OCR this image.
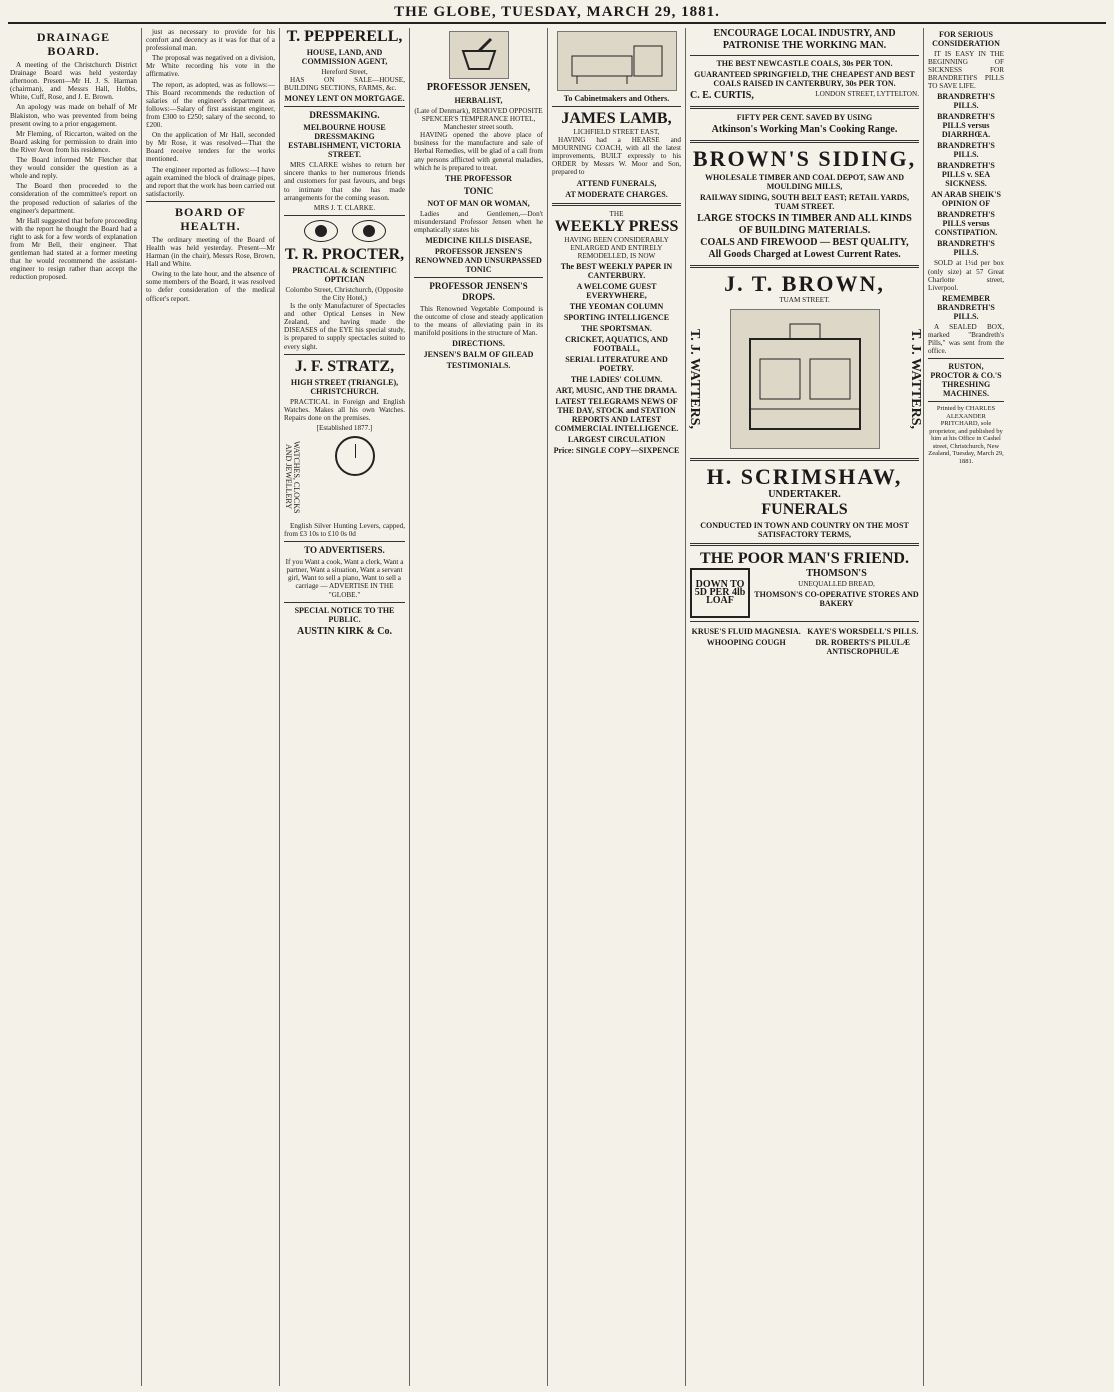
THE GLOBE, TUESDAY, MARCH 29, 1881.
DRAINAGE BOARD.

A meeting of the Christchurch District Drainage Board was held yesterday afternoon. Present—Mr H. J. S. Harman (chairman), and Messrs Hall, Hobbs, White, Cuff, Rose, and J. E. Brown.

An apology was made on behalf of Mr Blakiston, who was prevented from being present owing to a prior engagement.

Mr Fleming, of Riccarton, waited on the Board asking for permission to drain into the River Avon from his residence.

The Board informed Mr Fletcher that they would consider the question as a whole and reply.

The Board then proceeded to the consideration of the committee's report on the proposed reduction of salaries of the engineer's department.

Mr Hall suggested that before proceeding with the report he thought the Board had a right to ask for a few words of explanation from Mr Bell, their engineer. That gentleman had stated at a former meeting that he would recommend the assistant-engineer to resign rather than accept the reduction proposed.

just as necessary to provide for his comfort and decency as it was for that of a professional man.

The proposal was negatived on a division, Mr White recording his vote in the affirmative.

The report, as adopted, was as follows:—This Board recommends the reduction of salaries of the engineer's department as follows:—Salary of first assistant engineer, from £300 to £250; salary of the second, to £200.

On the application of Mr Hall, seconded by Mr Rose, it was resolved—That the Board receive tenders for the works mentioned.

The engineer reported as follows:—I have again examined the block of drainage pipes, and report that the work has been carried out satisfactorily.

BOARD OF HEALTH.

The ordinary meeting of the Board of Health was held yesterday. Present—Mr Harman (in the chair), Messrs Rose, Brown, Hall and White.

Owing to the late hour, and the absence of some members of the Board, it was resolved to defer consideration of the medical officer's report.

T. PEPPERELL,
HOUSE, LAND, AND COMMISSION AGENT,
Hereford Street,

HAS ON SALE—HOUSE, BUILDING SECTIONS, FARMS, &c.

MONEY LENT ON MORTGAGE.
DRESSMAKING.
MELBOURNE HOUSE DRESSMAKING ESTABLISHMENT, VICTORIA STREET.

MRS CLARKE wishes to return her sincere thanks to her numerous friends and customers for past favours, and begs to intimate that she has made arrangements for the coming season.

MRS J. T. CLARKE.
T. R. PROCTER,
PRACTICAL & SCIENTIFIC OPTICIAN
Colombo Street, Christchurch, (Opposite the City Hotel,)

Is the only Manufacturer of Spectacles and other Optical Lenses in New Zealand, and having made the DISEASES of the EYE his special study, is prepared to supply spectacles suited to every sight.

J. F. STRATZ,
HIGH STREET (TRIANGLE), CHRISTCHURCH.

PRACTICAL in Foreign and English Watches. Makes all his own Watches. Repairs done on the premises.

[Established 1877.]
WATCHES, CLOCKS AND JEWELLERY

English Silver Hunting Levers, capped, from £3 10s to £10 0s 0d

TO ADVERTISERS.

If you Want a cook, Want a clerk, Want a partner, Want a situation, Want a servant girl, Want to sell a piano, Want to sell a carriage — ADVERTISE IN THE "GLOBE."

SPECIAL NOTICE TO THE PUBLIC.
AUSTIN KIRK & Co.
PROFESSOR JENSEN,
HERBALIST,
(Late of Denmark), REMOVED OPPOSITE SPENCER'S TEMPERANCE HOTEL, Manchester street south.

HAVING opened the above place of business for the manufacture and sale of Herbal Remedies, will be glad of a call from any persons afflicted with general maladies, which he is prepared to treat.

THE PROFESSOR
TONIC
NOT OF MAN OR WOMAN,

Ladies and Gentlemen,—Don't misunderstand Professor Jensen when he emphatically states his

MEDICINE KILLS DISEASE,
PROFESSOR JENSEN'S RENOWNED AND UNSURPASSED TONIC
PROFESSOR JENSEN'S DROPS.

This Renowned Vegetable Compound is the outcome of close and steady application to the means of alleviating pain in its manifold positions in the structure of Man.

DIRECTIONS.
JENSEN'S BALM OF GILEAD
TESTIMONIALS.
To Cabinetmakers and Others.
JAMES LAMB,
LICHFIELD STREET EAST,

HAVING had a HEARSE and MOURNING COACH, with all the latest improvements, BUILT expressly to his ORDER by Messrs W. Moor and Son, prepared to

ATTEND FUNERALS,
AT MODERATE CHARGES.
THE
WEEKLY PRESS
HAVING BEEN CONSIDERABLY ENLARGED AND ENTIRELY REMODELLED, IS NOW
The BEST WEEKLY PAPER IN CANTERBURY.
A WELCOME GUEST EVERYWHERE,
THE YEOMAN COLUMN
SPORTING INTELLIGENCE
THE SPORTSMAN.
CRICKET, AQUATICS, AND FOOTBALL,
SERIAL LITERATURE AND POETRY.
THE LADIES' COLUMN.
ART, MUSIC, AND THE DRAMA.
LATEST TELEGRAMS NEWS OF THE DAY, STOCK and STATION REPORTS AND LATEST COMMERCIAL INTELLIGENCE.
LARGEST CIRCULATION
Price: SINGLE COPY—SIXPENCE
ENCOURAGE LOCAL INDUSTRY, AND PATRONISE THE WORKING MAN.
THE BEST NEWCASTLE COALS, 30s PER TON.
GUARANTEED SPRINGFIELD, THE CHEAPEST AND BEST COALS RAISED IN CANTERBURY, 30s PER TON.
C. E. CURTIS,	LONDON STREET, LYTTELTON.
FIFTY PER CENT. SAVED BY USING
Atkinson's Working Man's Cooking Range.
BROWN'S SIDING,
WHOLESALE TIMBER AND COAL DEPOT, SAW AND MOULDING MILLS,
RAILWAY SIDING, SOUTH BELT EAST; RETAIL YARDS, TUAM STREET.
LARGE STOCKS IN TIMBER AND ALL KINDS OF BUILDING MATERIALS.
COALS AND FIREWOOD — BEST QUALITY,
All Goods Charged at Lowest Current Rates.
J. T. BROWN,
TUAM STREET.
T. J. WATTERS,	T. J. WATTERS,
H. SCRIMSHAW,
UNDERTAKER.
FUNERALS
CONDUCTED IN TOWN AND COUNTRY ON THE MOST SATISFACTORY TERMS,
THE POOR MAN'S FRIEND.
DOWN TO 5D PER 4lb LOAF
THOMSON'S
UNEQUALLED BREAD,
THOMSON'S CO-OPERATIVE STORES AND BAKERY
KRUSE'S FLUID MAGNESIA.
WHOOPING COUGH
KAYE'S WORSDELL'S PILLS.
DR. ROBERTS'S PILULÆ ANTISCROPHULÆ
FOR SERIOUS CONSIDERATION

IT IS EASY IN THE BEGINNING OF SICKNESS FOR BRANDRETH'S PILLS TO SAVE LIFE.

BRANDRETH'S PILLS.
BRANDRETH'S PILLS versus DIARRHŒA.
BRANDRETH'S PILLS.
BRANDRETH'S PILLS v. SEA SICKNESS.
AN ARAB SHEIK'S OPINION OF
BRANDRETH'S PILLS versus CONSTIPATION.
BRANDRETH'S PILLS.

SOLD at 1½d per box (only size) at 57 Great Charlotte street, Liverpool.

REMEMBER BRANDRETH'S PILLS.

A SEALED BOX, marked "Brandreth's Pills," was sent from the office.

RUSTON, PROCTOR & CO.'S THRESHING MACHINES.
Printed by CHARLES ALEXANDER PRITCHARD, sole proprietor, and published by him at his Office in Cashel street, Christchurch, New Zealand, Tuesday, March 29, 1881.
